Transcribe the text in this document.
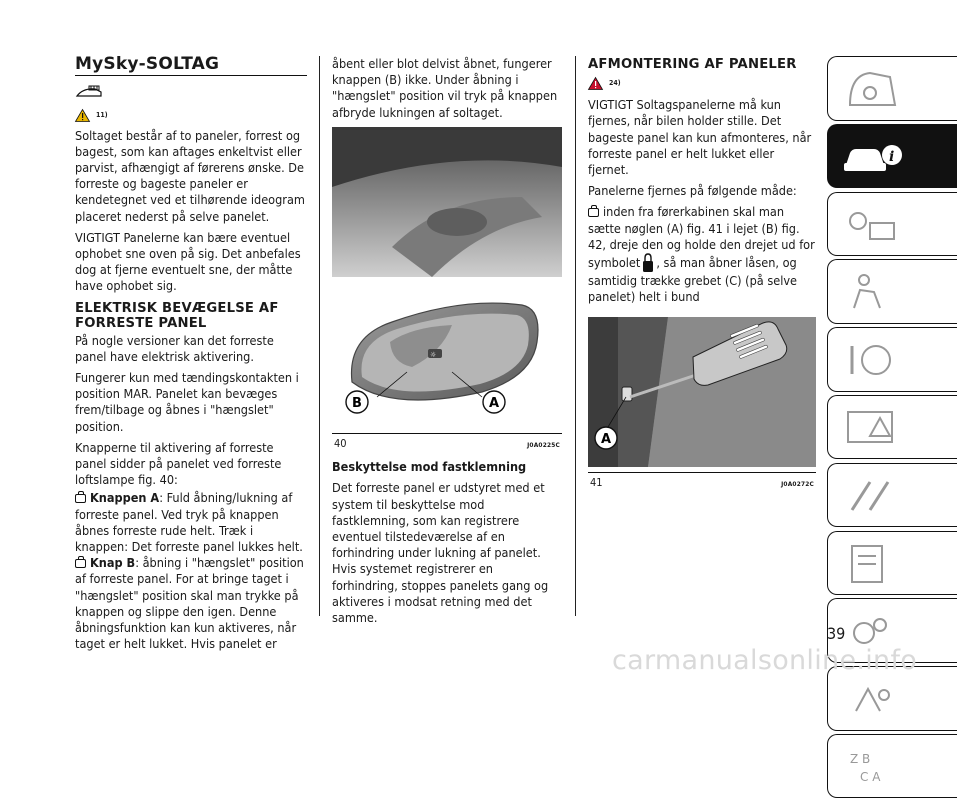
MySky-SOLTAG
11)

Soltaget består af to paneler, forrest og bagest, som kan aftages enkeltvist eller parvist, afhængigt af førerens ønske. De forreste og bageste paneler er kendetegnet ved et tilhørende ideogram placeret nederst på selve panelet.

VIGTIGT Panelerne kan bære eventuel ophobet sne oven på sig. Det anbefales dog at fjerne eventuelt sne, der måtte have ophobet sig.

ELEKTRISK BEVÆGELSE AF FORRESTE PANEL

På nogle versioner kan det forreste panel have elektrisk aktivering.

Fungerer kun med tændingskontakten i position MAR. Panelet kan bevæges frem/tilbage og åbnes i "hængslet" position.

Knapperne til aktivering af forreste panel sidder på panelet ved forreste loftslampe fig. 40:

Knappen A: Fuld åbning/lukning af forreste panel. Ved tryk på knappen åbnes forreste rude helt. Træk i knappen: Det forreste panel lukkes helt.
Knap B: åbning i "hængslet" position af forreste panel. For at bringe taget i "hængslet" position skal man trykke på knappen og slippe den igen. Denne åbningsfunktion kan kun aktiveres, når taget er helt lukket. Hvis panelet er

åbent eller blot delvist åbnet, fungerer knappen (B) ikke. Under åbning i "hængslet" position vil tryk på knappen afbryde lukningen af soltaget.

☼
B	A
40	J0A0225C

Beskyttelse mod fastklemning

Det forreste panel er udstyret med et system til beskyttelse mod fastklemning, som kan registrere eventuel tilstedeværelse af en forhindring under lukning af panelet. Hvis systemet registrerer en forhindring, stoppes panelets gang og aktiveres i modsat retning med det samme.

AFMONTERING AF PANELER
24)

VIGTIGT Soltagspanelerne må kun fjernes, når bilen holder stille. Det bageste panel kan kun afmonteres, når forreste panel er helt lukket eller fjernet.

Panelerne fjernes på følgende måde:

inden fra førerkabinen skal man sætte nøglen (A) fig. 41 i lejet (B) fig. 42, dreje den og holde den drejet ud for symbolet , så man åbner låsen, og samtidig trække grebet (C) (på selve panelet) helt i bund
A
41	J0A0272C
i
Z B
C A
39
carmanualsonline.info
